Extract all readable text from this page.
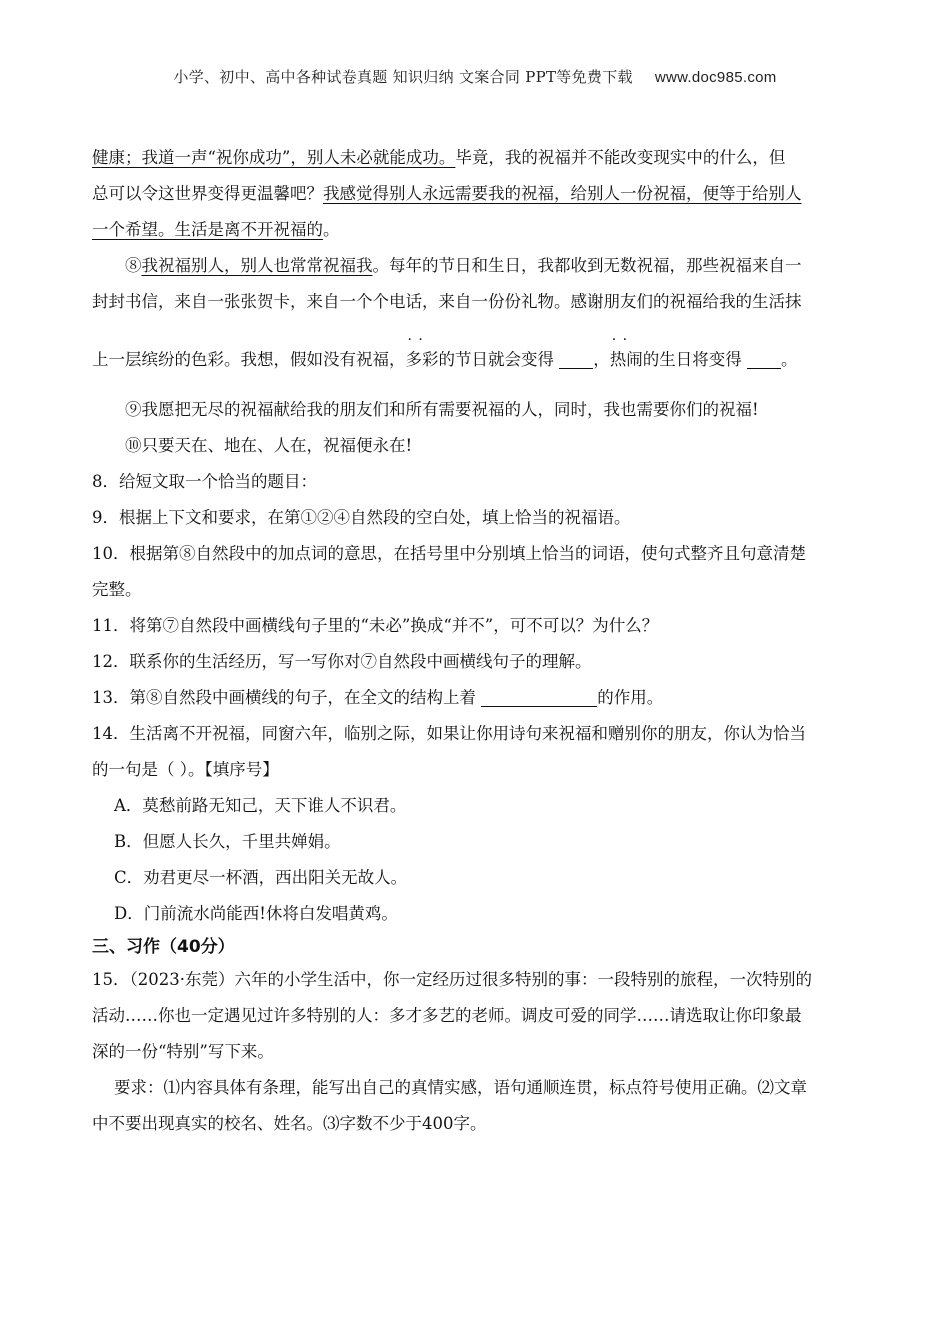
小学、初中、高中各种试卷真题 知识归纳 文案合同 PPT等免费下载 www.doc985.com
健康；我道一声“祝你成功”，别人未必就能成功。毕竟，我的祝福并不能改变现实中的什么，但
总可以令这世界变得更温馨吧？我感觉得别人永远需要我的祝福，给别人一份祝福，便等于给别人
一个希望。生活是离不开祝福的。
⑧我祝福别人，别人也常常祝福我。每年的节日和生日，我都收到无数祝福，那些祝福来自一
封封书信，来自一张张贺卡，来自一个个电话，来自一份份礼物。感谢朋友们的祝福给我的生活抹
上一层缤纷的色彩。我想，假如没有祝福，· · 多彩的节日就会变得 ，· · 热闹的生日将变得 。
⑨我愿把无尽的祝福献给我的朋友们和所有需要祝福的人，同时，我也需要你们的祝福!
⑩只要天在、地在、人在，祝福便永在!
8．给短文取一个恰当的题目：
9．根据上下文和要求，在第①②④自然段的空白处，填上恰当的祝福语。
10．根据第⑧自然段中的加点词的意思，在括号里中分别填上恰当的词语，使句式整齐且句意清楚
完整。
11．将第⑦自然段中画横线句子里的“未必”换成“并不”，可不可以？为什么？
12．联系你的生活经历，写一写你对⑦自然段中画横线句子的理解。
13．第⑧自然段中画横线的句子，在全文的结构上着	的作用。
14．生活离不开祝福，同窗六年，临别之际，如果让你用诗句来祝福和赠别你的朋友，你认为恰当
的一句是（ ）。【填序号】
A．莫愁前路无知己，天下谁人不识君。
B．但愿人长久，千里共婵娟。
C．劝君更尽一杯酒，西出阳关无故人。
D．门前流水尚能西!休将白发唱黄鸡。
三、习作（40分）
15．（2023·东莞）六年的小学生活中，你一定经历过很多特别的事：一段特别的旅程，一次特别的
活动……你也一定遇见过许多特别的人：多才多艺的老师。调皮可爱的同学……请选取让你印象最
深的一份“特别”写下来。
要求：⑴内容具体有条理，能写出自己的真情实感，语句通顺连贯，标点符号使用正确。⑵文章
中不要出现真实的校名、姓名。⑶字数不少于400字。
